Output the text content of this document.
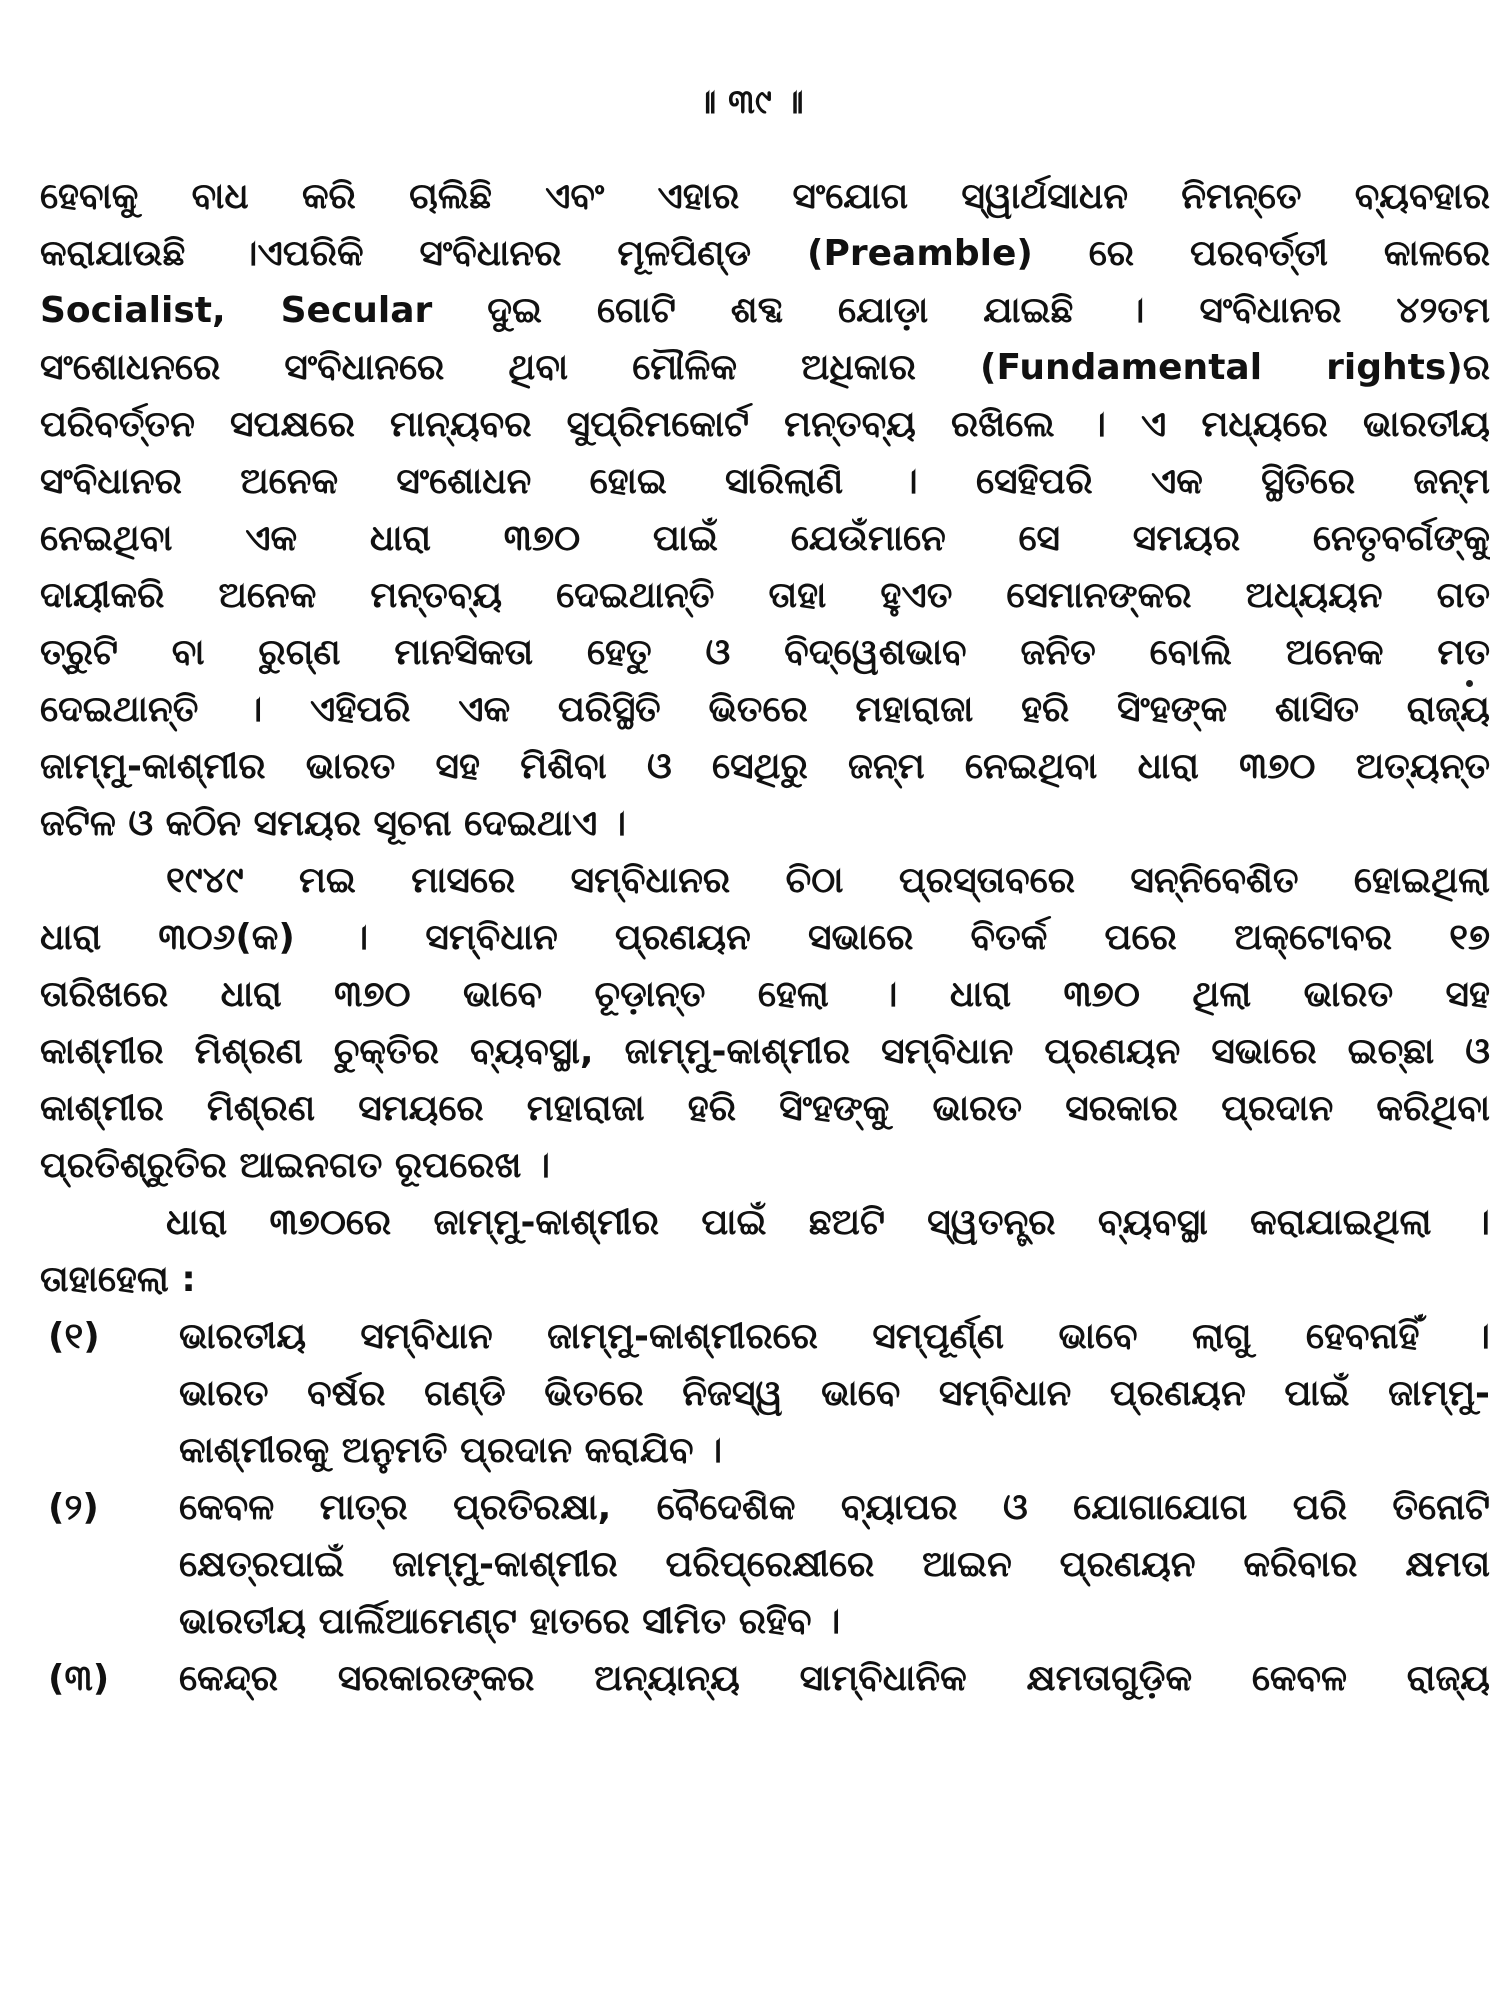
॥ ୩୯ ॥
ହେବାକୁ ବାଧ କରି ଚାଲିଛି ଏବଂ ଏହାର ସଂଯୋଗ ସ୍ୱାର୍ଥସାଧନ ନିମନ୍ତେ ବ୍ୟବହାର
କରାଯାଉଛି ।ଏପରିକି ସଂବିଧାନର ମୂଳପିଣ୍ଡ (Preamble) ରେ ପରବର୍ତ୍ତୀ କାଳରେ
Socialist, Secular ଦୁଇ ଗୋଟି ଶବ୍ଦ ଯୋଡ଼ା ଯାଇଛି । ସଂବିଧାନର ୪୨ତମ
ସଂଶୋଧନରେ ସଂବିଧାନରେ ଥିବା ମୌଳିକ ଅଧିକାର (Fundamental rights)ର
ପରିବର୍ତ୍ତନ ସପକ୍ଷରେ ମାନ୍ୟବର ସୁପ୍ରିମକୋର୍ଟ ମନ୍ତବ୍ୟ ରଖିଲେ । ଏ ମଧ୍ୟରେ ଭାରତୀୟ
ସଂବିଧାନର ଅନେକ ସଂଶୋଧନ ହୋଇ ସାରିଲାଣି । ସେହିପରି ଏକ ସ୍ଥିତିରେ ଜନ୍ମ
ନେଇଥିବା ଏକ ଧାରା ୩୭୦ ପାଇଁ ଯେଉଁମାନେ ସେ ସମୟର ନେତୃବର୍ଗଙ୍କୁ
ଦାୟୀକରି ଅନେକ ମନ୍ତବ୍ୟ ଦେଇଥାନ୍ତି ତାହା ହୁଏତ ସେମାନଙ୍କର ଅଧ୍ୟୟନ ଗତ
ତ୍ରୁଟି ବା ରୁଗ୍ଣ ମାନସିକତା ହେତୁ ଓ ବିଦ୍ୱେଶଭାବ ଜନିତ ବୋଲି ଅନେକ ମତ
ଦେଇଥାନ୍ତି । ଏହିପରି ଏକ ପରିସ୍ଥିତି ଭିତରେ ମହାରାଜା ହରି ସିଂହଙ୍କ ଶାସିତ ରାଜ୍ୟ
ଜାମ୍ମୁ-କାଶ୍ମୀର ଭାରତ ସହ ମିଶିବା ଓ ସେଥିରୁ ଜନ୍ମ ନେଇଥିବା ଧାରା ୩୭୦ ଅତ୍ୟନ୍ତ
ଜଟିଳ ଓ କଠିନ ସମୟର ସୂଚନା ଦେଇଥାଏ ।
୧୯୪୯ ମଇ ମାସରେ ସମ୍ବିଧାନର ଚିଠା ପ୍ରସ୍ତାବରେ ସନ୍ନିବେଶିତ ହୋଇଥିଲା
ଧାରା ୩୦୬(କ) । ସମ୍ବିଧାନ ପ୍ରଣୟନ ସଭାରେ ବିତର୍କ ପରେ ଅକ୍ଟୋବର ୧୭
ତାରିଖରେ ଧାରା ୩୭୦ ଭାବେ ଚୂଡ଼ାନ୍ତ ହେଲା । ଧାରା ୩୭୦ ଥିଲା ଭାରତ ସହ
କାଶ୍ମୀର ମିଶ୍ରଣ ଚୁକ୍ତିର ବ୍ୟବସ୍ଥା, ଜାମ୍ମୁ-କାଶ୍ମୀର ସମ୍ବିଧାନ ପ୍ରଣୟନ ସଭାରେ ଇଚ୍ଛା ଓ
କାଶ୍ମୀର ମିଶ୍ରଣ ସମୟରେ ମହାରାଜା ହରି ସିଂହଙ୍କୁ ଭାରତ ସରକାର ପ୍ରଦାନ କରିଥିବା
ପ୍ରତିଶ୍ରୁତିର ଆଇନଗତ ରୂପରେଖ ।
ଧାରା ୩୭୦ରେ ଜାମ୍ମୁ-କାଶ୍ମୀର ପାଇଁ ଛଅଟି ସ୍ୱତନ୍ତ୍ର ବ୍ୟବସ୍ଥା କରାଯାଇଥିଲା ।
ତାହାହେଲା :
(୧)	ଭାରତୀୟ ସମ୍ବିଧାନ ଜାମ୍ମୁ-କାଶ୍ମୀରରେ ସମ୍ପୂର୍ଣ୍ଣ ଭାବେ ଲାଗୁ ହେବନାହିଁ ।
ଭାରତ ବର୍ଷର ଗଣ୍ଡି ଭିତରେ ନିଜସ୍ୱ ଭାବେ ସମ୍ବିଧାନ ପ୍ରଣୟନ ପାଇଁ ଜାମ୍ମୁ-
କାଶ୍ମୀରକୁ ଅନୁମତି ପ୍ରଦାନ କରାଯିବ ।
(୨)	କେବଳ ମାତ୍ର ପ୍ରତିରକ୍ଷା, ବୈଦେଶିକ ବ୍ୟାପର ଓ ଯୋଗାଯୋଗ ପରି ତିନୋଟି
କ୍ଷେତ୍ରପାଇଁ ଜାମ୍ମୁ-କାଶ୍ମୀର ପରିପ୍ରେକ୍ଷୀରେ ଆଇନ ପ୍ରଣୟନ କରିବାର କ୍ଷମତା
ଭାରତୀୟ ପାର୍ଲିଆମେଣ୍ଟ ହାତରେ ସୀମିତ ରହିବ ।
(୩)	କେନ୍ଦ୍ର ସରକାରଙ୍କର ଅନ୍ୟାନ୍ୟ ସାମ୍ବିଧାନିକ କ୍ଷମତାଗୁଡ଼ିକ କେବଳ ରାଜ୍ୟ
